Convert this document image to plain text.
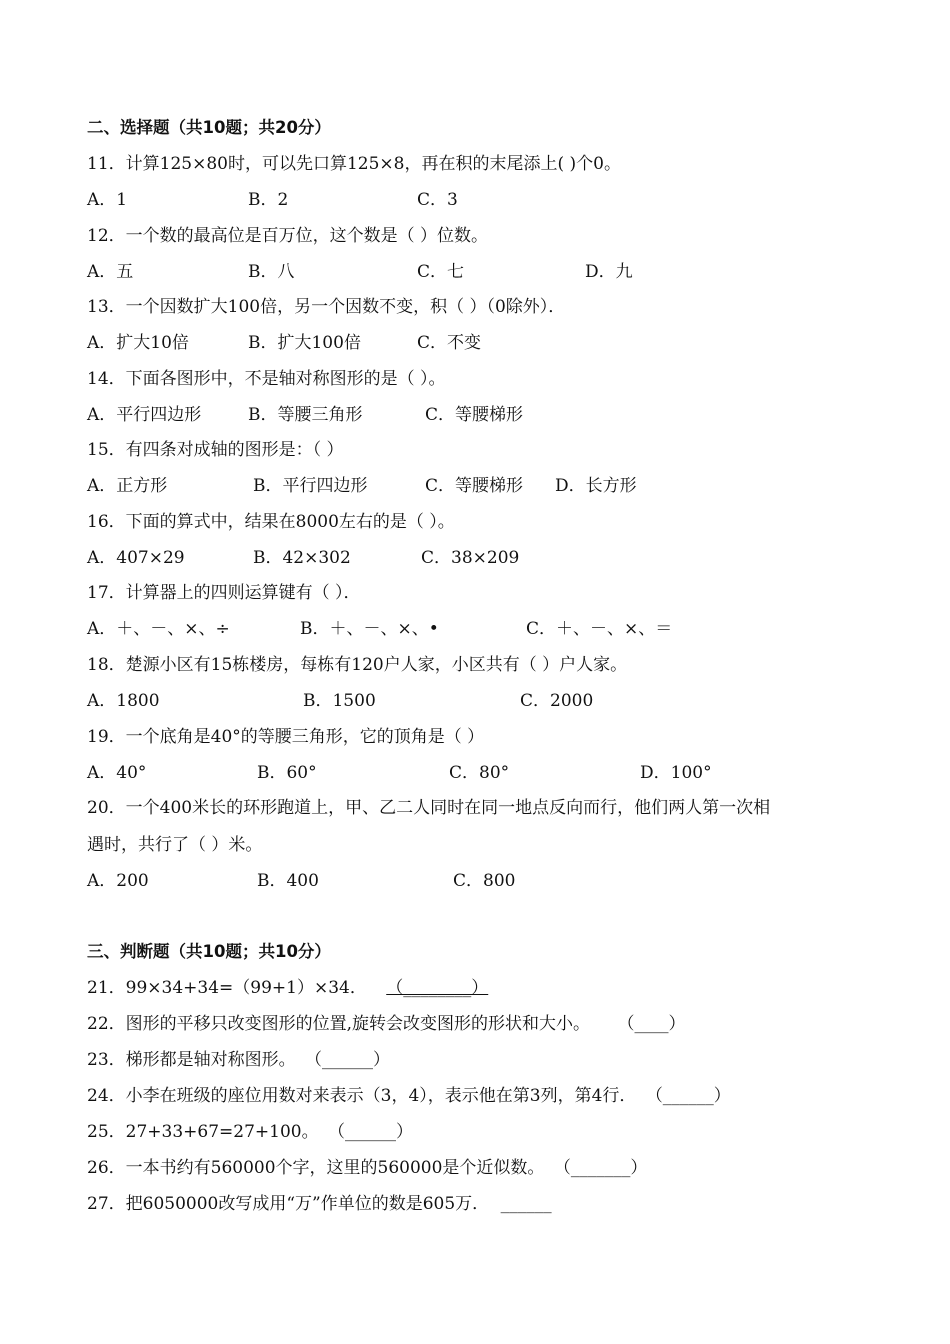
二、选择题（共10题；共20分）
11．计算125×80时，可以先口算125×8，再在积的末尾添上( )个0。
A．1	B．2	C．3
12．一个数的最高位是百万位，这个数是（ ）位数。
A．五	B．八	C．七	D．九
13．一个因数扩大100倍，另一个因数不变，积（ ）（0除外）．
A．扩大10倍	B．扩大100倍	C．不变
14．下面各图形中，不是轴对称图形的是（ ）。
A．平行四边形	B．等腰三角形	C．等腰梯形
15．有四条对成轴的图形是：（ ）
A．正方形	B．平行四边形	C．等腰梯形 D．长方形
16．下面的算式中，结果在8000左右的是（ ）。
A．407×29	B．42×302	C．38×209
17．计算器上的四则运算键有（ ）．
A．＋、－、×、÷	B．＋、－、×、•	C．＋、－、×、＝
18．楚源小区有15栋楼房，每栋有120户人家，小区共有（ ）户人家。
A．1800	B．1500	C．2000
19．一个底角是40°的等腰三角形，它的顶角是（ ）
A．40°	B．60°	C．80°	D．100°
20．一个400米长的环形跑道上，甲、乙二人同时在同一地点反向而行，他们两人第一次相
遇时，共行了（ ）米。
A．200	B．400	C．800
三、判断题（共10题；共10分）
21．99×34+34=（99+1）×34． （________）
22．图形的平移只改变图形的位置,旋转会改变图形的形状和大小。 （____）
23．梯形都是轴对称图形。 （______）
24．小李在班级的座位用数对来表示（3，4），表示他在第3列，第4行． （______）
25．27+33+67=27+100。 （______）
26．一本书约有560000个字，这里的560000是个近似数。 （_______）
27．把6050000改写成用“万”作单位的数是605万． ______
